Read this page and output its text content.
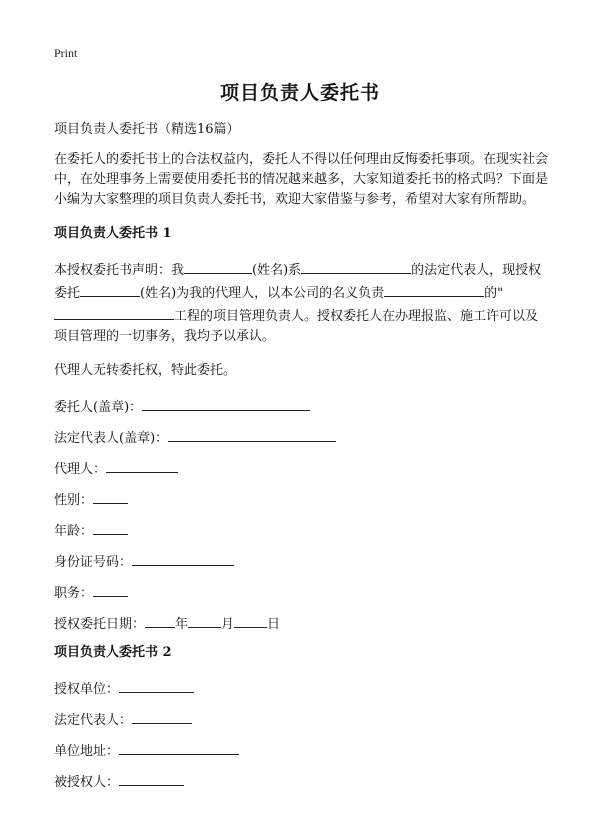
Print
项目负责人委托书

项目负责人委托书（精选16篇）

在委托人的委托书上的合法权益内，委托人不得以任何理由反悔委托事项。在现实社会中，在处理事务上需要使用委托书的情况越来越多，大家知道委托书的格式吗？下面是小编为大家整理的项目负责人委托书，欢迎大家借鉴与参考，希望对大家有所帮助。

项目负责人委托书 1

本授权委托书声明：我	(姓名)系	的法定代表人，现授权委托	(姓名)为我的代理人，以本公司的名义负责	的"工程的项目管理负责人。授权委托人在办理报监、施工许可以及项目管理的一切事务，我均予以承认。

代理人无转委托权，特此委托。

委托人(盖章)：

法定代表人(盖章)：

代理人：

性别：

年龄：

身份证号码：

职务：

授权委托日期： 年	月	日

项目负责人委托书 2

授权单位：

法定代表人：

单位地址：

被授权人：
